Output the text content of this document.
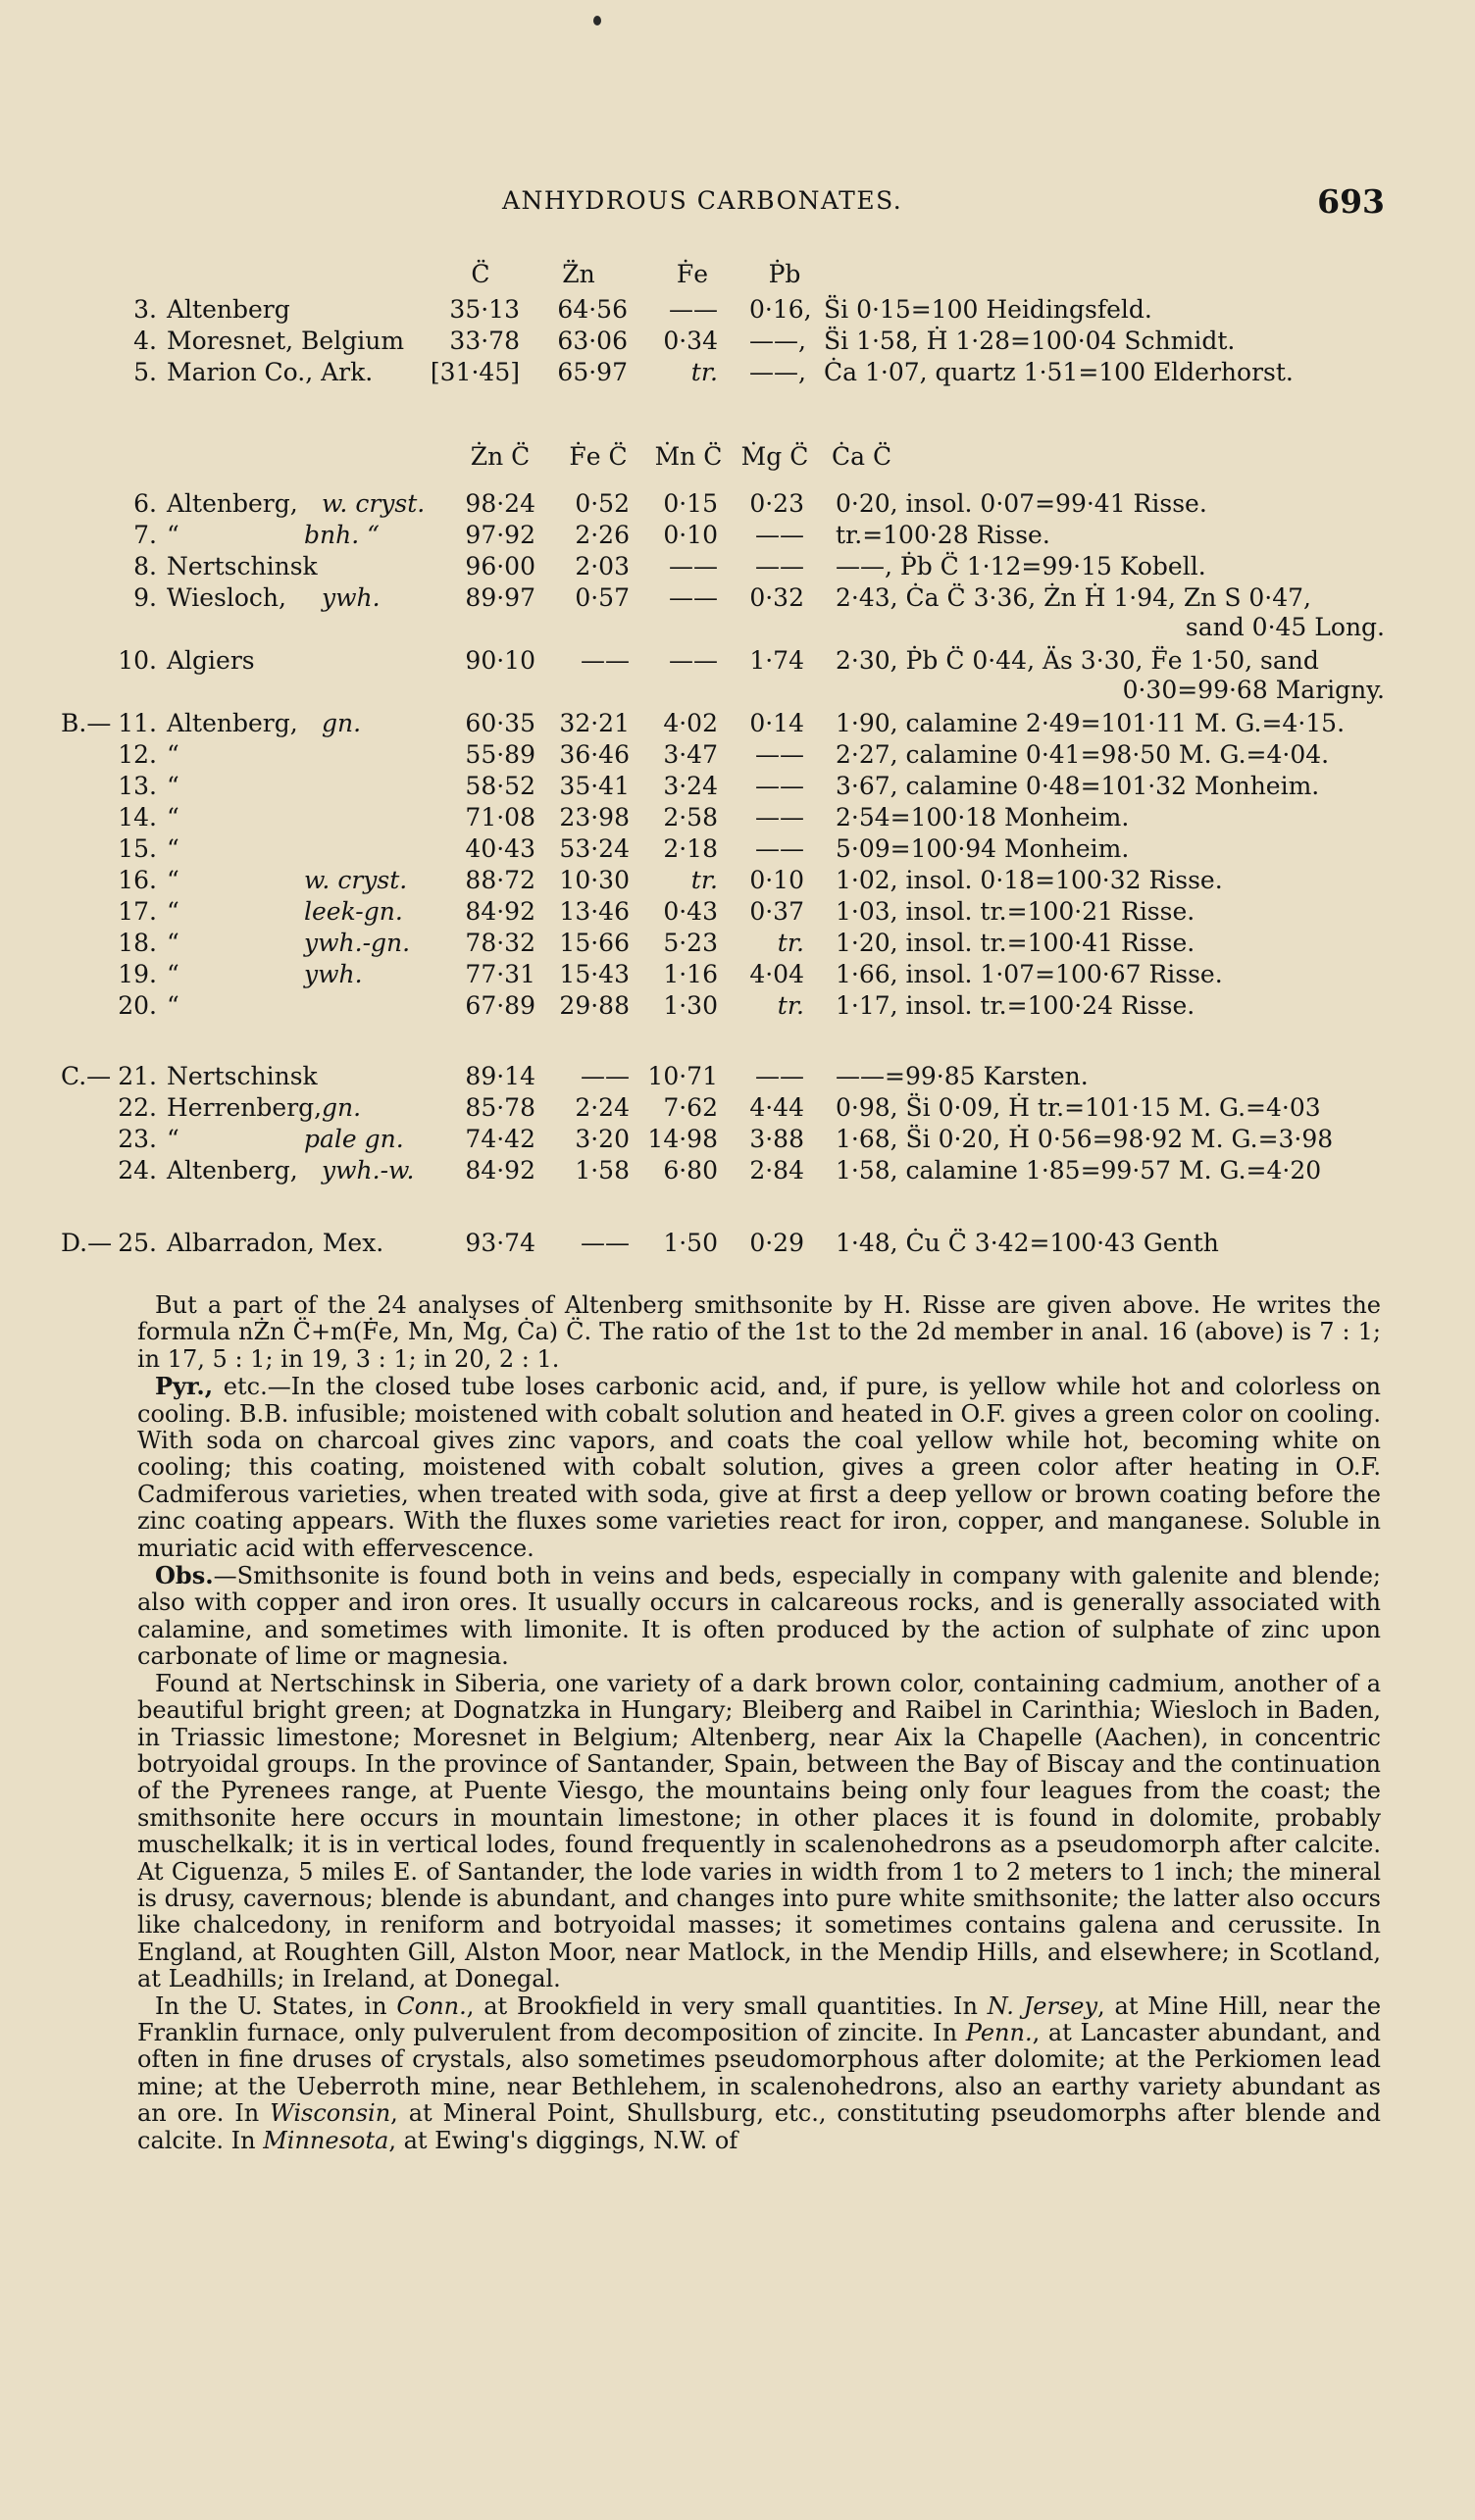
ANHYDROUS CARBONATES.	693
C̈	Z̈n	Ḟe	Ṗb
3. Altenberg	35·13	64·56	—— 0·16, S̈i 0·15=100 Heidingsfeld.
4. Moresnet, Belgium	33·78	63·06	0·34 ——, S̈i 1·58, Ḣ 1·28=100·04 Schmidt.
5. Marion Co., Ark.	[31·45]	65·97	tr. ——, Ċa 1·07, quartz 1·51=100 Elderhorst.
Żn C̈	Ḟe C̈	Ṁn C̈ Ṁg C̈ Ċa C̈
6. Altenberg, w. cryst.	98·24	0·52	0·15	0·23 0·20, insol. 0·07=99·41 Risse.
7. “	bnh. “	97·92	2·26	0·10	—— tr.=100·28 Risse.
8. Nertschinsk	96·00	2·03	——	—— ——, Ṗb C̈ 1·12=99·15 Kobell.
9. Wiesloch, ywh.	89·97	0·57	——	0·32 2·43, Ċa C̈ 3·36, Żn Ḣ 1·94, Zn S 0·47,
sand 0·45 Long.
10. Algiers	90·10	——	——	1·74 2·30, Ṗb C̈ 0·44, Äs 3·30, F̈e 1·50, sand
0·30=99·68 Marigny.
B.— 11. Altenberg, gn.	60·35 32·21	4·02	0·14 1·90, calamine 2·49=101·11 M. G.=4·15.
12. “	55·89 36·46	3·47	—— 2·27, calamine 0·41=98·50 M. G.=4·04.
13. “	58·52 35·41	3·24	—— 3·67, calamine 0·48=101·32 Monheim.
14. “	71·08 23·98	2·58	—— 2·54=100·18 Monheim.
15. “	40·43 53·24	2·18	—— 5·09=100·94 Monheim.
16. “	w. cryst.	88·72 10·30	tr.	0·10 1·02, insol. 0·18=100·32 Risse.
17. “	leek-gn.	84·92 13·46	0·43	0·37 1·03, insol. tr.=100·21 Risse.
18. “	ywh.-gn.	78·32 15·66	5·23	tr. 1·20, insol. tr.=100·41 Risse.
19. “	ywh.	77·31 15·43	1·16	4·04 1·66, insol. 1·07=100·67 Risse.
20. “	67·89 29·88	1·30	tr. 1·17, insol. tr.=100·24 Risse.
C.— 21. Nertschinsk	89·14	—— 10·71	—— ——=99·85 Karsten.
22. Herrenberg, gn.	85·78	2·24	7·62	4·44 0·98, S̈i 0·09, Ḣ tr.=101·15 M. G.=4·03
23. “	pale gn.	74·42	3·20 14·98	3·88 1·68, S̈i 0·20, Ḣ 0·56=98·92 M. G.=3·98
24. Altenberg, ywh.-w.	84·92	1·58	6·80	2·84 1·58, calamine 1·85=99·57 M. G.=4·20
D.— 25. Albarradon, Mex.	93·74	——	1·50	0·29 1·48, Ċu C̈ 3·42=100·43 Genth

But a part of the 24 analyses of Altenberg smithsonite by H. Risse are given above. He writes the formula nŻn C̈+m(Ḟe, Mn, Ṁg, Ċa) C̈. The ratio of the 1st to the 2d member in anal. 16 (above) is 7 : 1; in 17, 5 : 1; in 19, 3 : 1; in 20, 2 : 1.

Pyr., etc.—In the closed tube loses carbonic acid, and, if pure, is yellow while hot and colorless on cooling. B.B. infusible; moistened with cobalt solution and heated in O.F. gives a green color on cooling. With soda on charcoal gives zinc vapors, and coats the coal yellow while hot, becoming white on cooling; this coating, moistened with cobalt solution, gives a green color after heating in O.F. Cadmiferous varieties, when treated with soda, give at first a deep yellow or brown coating before the zinc coating appears. With the fluxes some varieties react for iron, copper, and manganese. Soluble in muriatic acid with effervescence.

Obs.—Smithsonite is found both in veins and beds, especially in company with galenite and blende; also with copper and iron ores. It usually occurs in calcareous rocks, and is generally associated with calamine, and sometimes with limonite. It is often produced by the action of sulphate of zinc upon carbonate of lime or magnesia.

Found at Nertschinsk in Siberia, one variety of a dark brown color, containing cadmium, another of a beautiful bright green; at Dognatzka in Hungary; Bleiberg and Raibel in Carinthia; Wiesloch in Baden, in Triassic limestone; Moresnet in Belgium; Altenberg, near Aix la Chapelle (Aachen), in concentric botryoidal groups. In the province of Santander, Spain, between the Bay of Biscay and the continuation of the Pyrenees range, at Puente Viesgo, the mountains being only four leagues from the coast; the smithsonite here occurs in mountain limestone; in other places it is found in dolomite, probably muschelkalk; it is in vertical lodes, found frequently in scalenohedrons as a pseudomorph after calcite. At Ciguenza, 5 miles E. of Santander, the lode varies in width from 1 to 2 meters to 1 inch; the mineral is drusy, cavernous; blende is abundant, and changes into pure white smithsonite; the latter also occurs like chalcedony, in reniform and botryoidal masses; it sometimes contains galena and cerussite. In England, at Roughten Gill, Alston Moor, near Matlock, in the Mendip Hills, and elsewhere; in Scotland, at Leadhills; in Ireland, at Donegal.

In the U. States, in Conn., at Brookfield in very small quantities. In N. Jersey, at Mine Hill, near the Franklin furnace, only pulverulent from decomposition of zincite. In Penn., at Lancaster abundant, and often in fine druses of crystals, also sometimes pseudomorphous after dolomite; at the Perkiomen lead mine; at the Ueberroth mine, near Bethlehem, in scalenohedrons, also an earthy variety abundant as an ore. In Wisconsin, at Mineral Point, Shullsburg, etc., constituting pseudomorphs after blende and calcite. In Minnesota, at Ewing's diggings, N.W. of
